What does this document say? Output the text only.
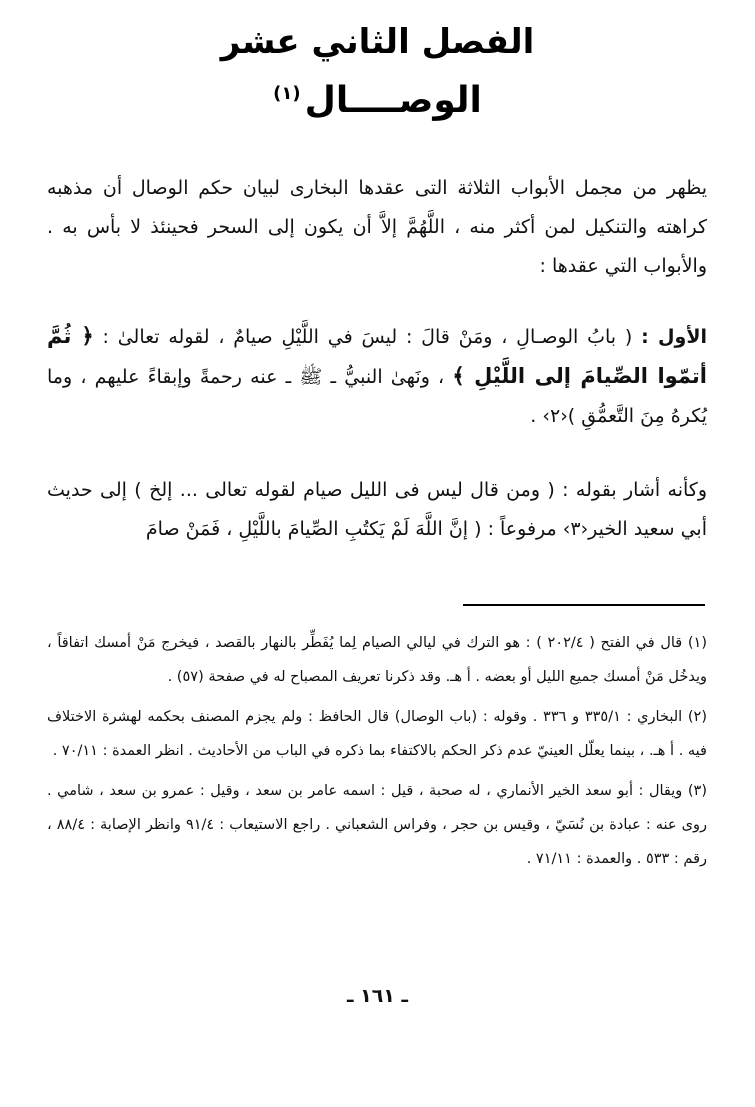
الفصل الثاني عشر
الوصــــال$^{(١)}$

يظهر من مجمل الأبواب الثلاثة التى عقدها البخارى لبيان حكم الوصال أن مذهبه كراهته والتنكيل لمن أكثر منه ، اللَّهُمَّ إلاَّ أن يكون إلى السحر فحينئذ لا بأس به . والأبواب التي عقدها :

الأول : ( بابُ الوصـالِ ، ومَنْ قالَ : ليسَ في اللَّيْلِ صيامٌ ، لقوله تعالىٰ : ﴿ ثُمَّ أتمّوا الصِّيامَ إلى اللَّيْلِ ﴾ ، ونَهىٰ النبيُّ ـ ﷺ ـ عنه رحمةً وإبقاءً عليهم ، وما يُكرهُ مِنَ التَّعمُّقِ )‹٢› .

وكأنه أشار بقوله : ( ومن قال ليس فى الليل صيام لقوله تعالى ... إلخ ) إلى حديث أبي سعيد الخير‹٣› مرفوعاً : ( إنَّ اللَّهَ لَمْ يَكتُبِ الصِّيامَ باللَّيْلِ ، فَمَنْ صامَ

(١) قال في الفتح ( ٢٠٢/٤ ) : هو الترك في ليالي الصيام لِما يُفَطِّر بالنهار بالقصد ، فيخرج مَنْ أمسك اتفاقاً ، ويدخُل مَنْ أمسك جميع الليل أو بعضه . أ هـ. وقد ذكرنا تعريف المصباح له في صفحة (٥٧) .

(٢) البخاري : ٣٣٥/١ و ٣٣٦ . وقوله : (باب الوصال) قال الحافظ : ولم يجزم المصنف بحكمه لهشرة الاختلاف فيه . أ هـ. ، بينما يعلّل العينيّ عدم ذكر الحكم بالاكتفاء بما ذكره في الباب من الأحاديث . انظر العمدة : ٧٠/١١ .

(٣) ويقال : أبو سعد الخير الأنماري ، له صحبة ، قيل : اسمه عامر بن سعد ، وقيل : عمرو بن سعد ، شامي . روى عنه : عبادة بن نُسَيّ ، وقيس بن حجر ، وفراس الشعباني . راجع الاستيعاب : ٩١/٤ وانظر الإصابة : ٨٨/٤ ، رقم : ٥٣٣ . والعمدة : ٧١/١١ .

ـ ١٦١ ـ
